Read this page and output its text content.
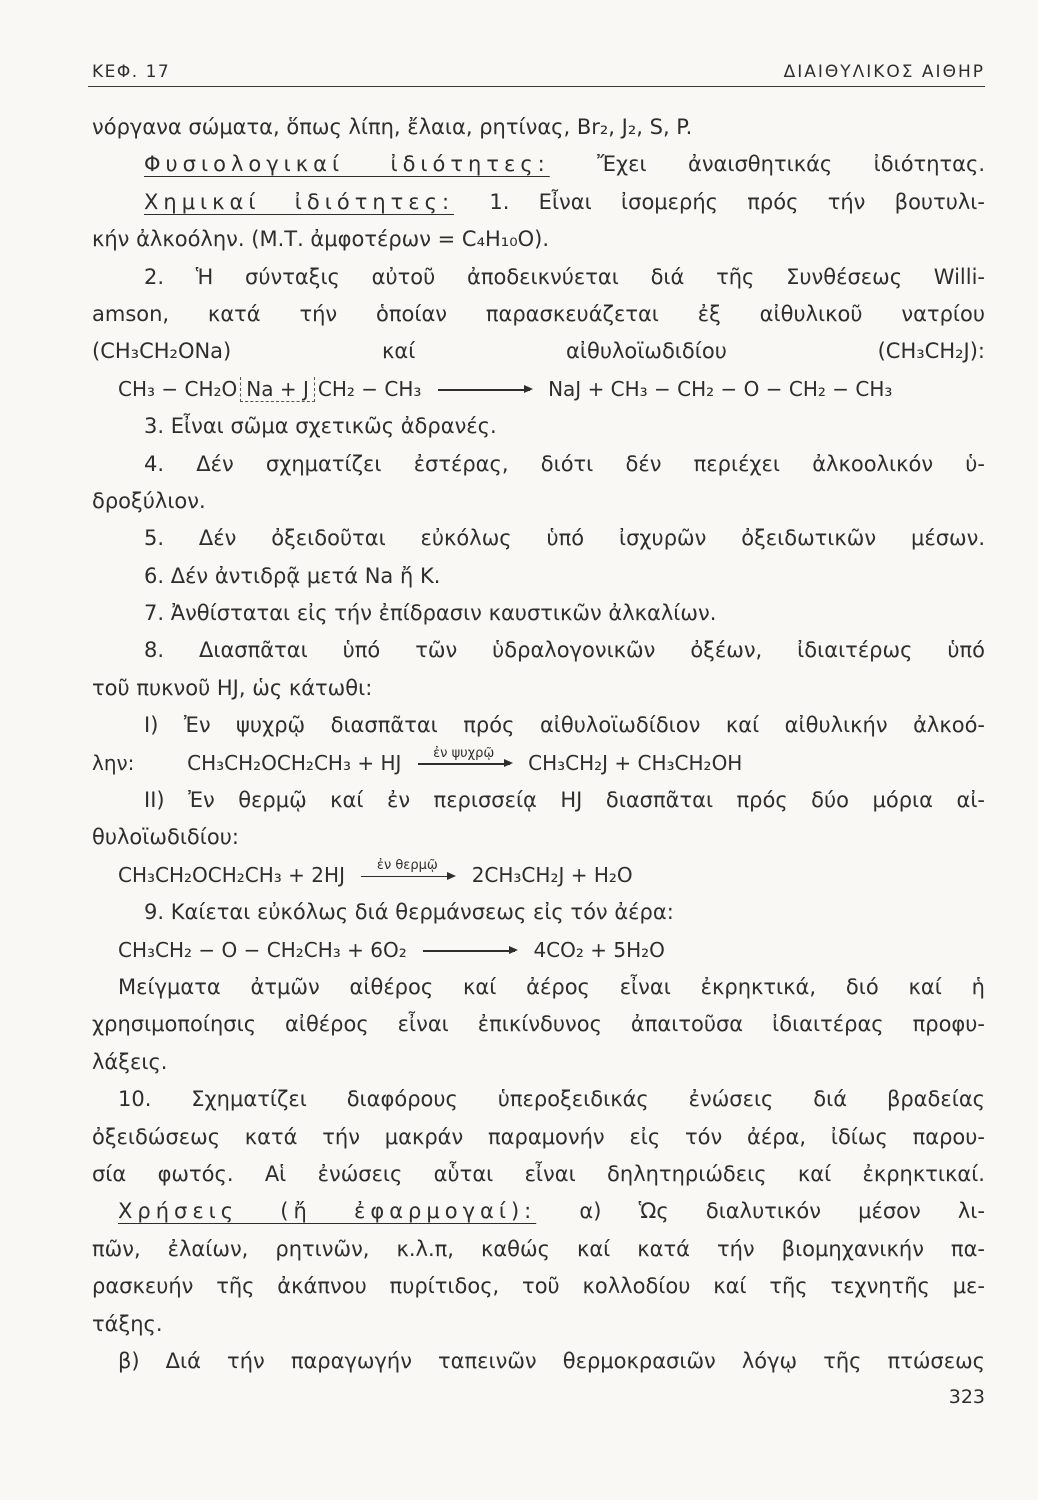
ΚΕΦ. 17	ΔΙΑΙΘΥΛΙΚΟΣ ΑΙΘΗΡ
νόργανα σώματα, ὅπως λίπη, ἔλαια, ρητίνας, Br₂, J₂, S, P.
Φυσιολογικαί ἰδιότητες: Ἔχει ἀναισθητικάς ἰδιότητας.
Χημικαί ἰδιότητες: 1. Εἶναι ἰσομερής πρός τήν βουτυλι-
κήν ἀλκοόλην. (Μ.Τ. ἀμφοτέρων = C₄H₁₀O).
2. Ἡ σύνταξις αὐτοῦ ἀποδεικνύεται διά τῆς Συνθέσεως Willi-
amson, κατά τήν ὁποίαν παρασκευάζεται ἐξ αἰθυλικοῦ νατρίου
(CH₃CH₂ONa) καί αἰθυλοϊωδιδίου (CH₃CH₂J):
CH₃ − CH₂O Na + J CH₂ − CH₃	NaJ + CH₃ − CH₂ − O − CH₂ − CH₃
3. Εἶναι σῶμα σχετικῶς ἀδρανές.
4. Δέν σχηματίζει ἐστέρας, διότι δέν περιέχει ἀλκοολικόν ὑ-
δροξύλιον.
5. Δέν ὀξειδοῦται εὐκόλως ὑπό ἰσχυρῶν ὀξειδωτικῶν μέσων.
6. Δέν ἀντιδρᾷ μετά Na ἤ K.
7. Ἀνθίσταται εἰς τήν ἐπίδρασιν καυστικῶν ἀλκαλίων.
8. Διασπᾶται ὑπό τῶν ὑδραλογονικῶν ὀξέων, ἰδιαιτέρως ὑπό
τοῦ πυκνοῦ HJ, ὡς κάτωθι:
I) Ἐν ψυχρῷ διασπᾶται πρός αἰθυλοϊωδίδιον καί αἰθυλικήν ἀλκοό-
λην:	CH₃CH₂OCH₂CH₃ + HJ	ἐν ψυχρῷ	CH₃CH₂J + CH₃CH₂OH
II) Ἐν θερμῷ καί ἐν περισσείᾳ HJ διασπᾶται πρός δύο μόρια αἰ-
θυλοϊωδιδίου:
CH₃CH₂OCH₂CH₃ + 2HJ	ἐν θερμῷ	2CH₃CH₂J + H₂O
9. Καίεται εὐκόλως διά θερμάνσεως εἰς τόν ἀέρα:
CH₃CH₂ − O − CH₂CH₃ + 6O₂	4CO₂ + 5H₂O
Μείγματα ἀτμῶν αἰθέρος καί ἀέρος εἶναι ἐκρηκτικά, διό καί ἡ
χρησιμοποίησις αἰθέρος εἶναι ἐπικίνδυνος ἀπαιτοῦσα ἰδιαιτέρας προφυ-
λάξεις.
10. Σχηματίζει διαφόρους ὑπεροξειδικάς ἐνώσεις διά βραδείας
ὀξειδώσεως κατά τήν μακράν παραμονήν εἰς τόν ἀέρα, ἰδίως παρου-
σία φωτός. Αἱ ἐνώσεις αὗται εἶναι δηλητηριώδεις καί ἐκρηκτικαί.
Χρήσεις (ἤ ἐφαρμογαί): α) Ὡς διαλυτικόν μέσον λι-
πῶν, ἐλαίων, ρητινῶν, κ.λ.π, καθώς καί κατά τήν βιομηχανικήν πα-
ρασκευήν τῆς ἀκάπνου πυρίτιδος, τοῦ κολλοδίου καί τῆς τεχνητῆς με-
τάξης.
β) Διά τήν παραγωγήν ταπεινῶν θερμοκρασιῶν λόγῳ τῆς πτώσεως
323
